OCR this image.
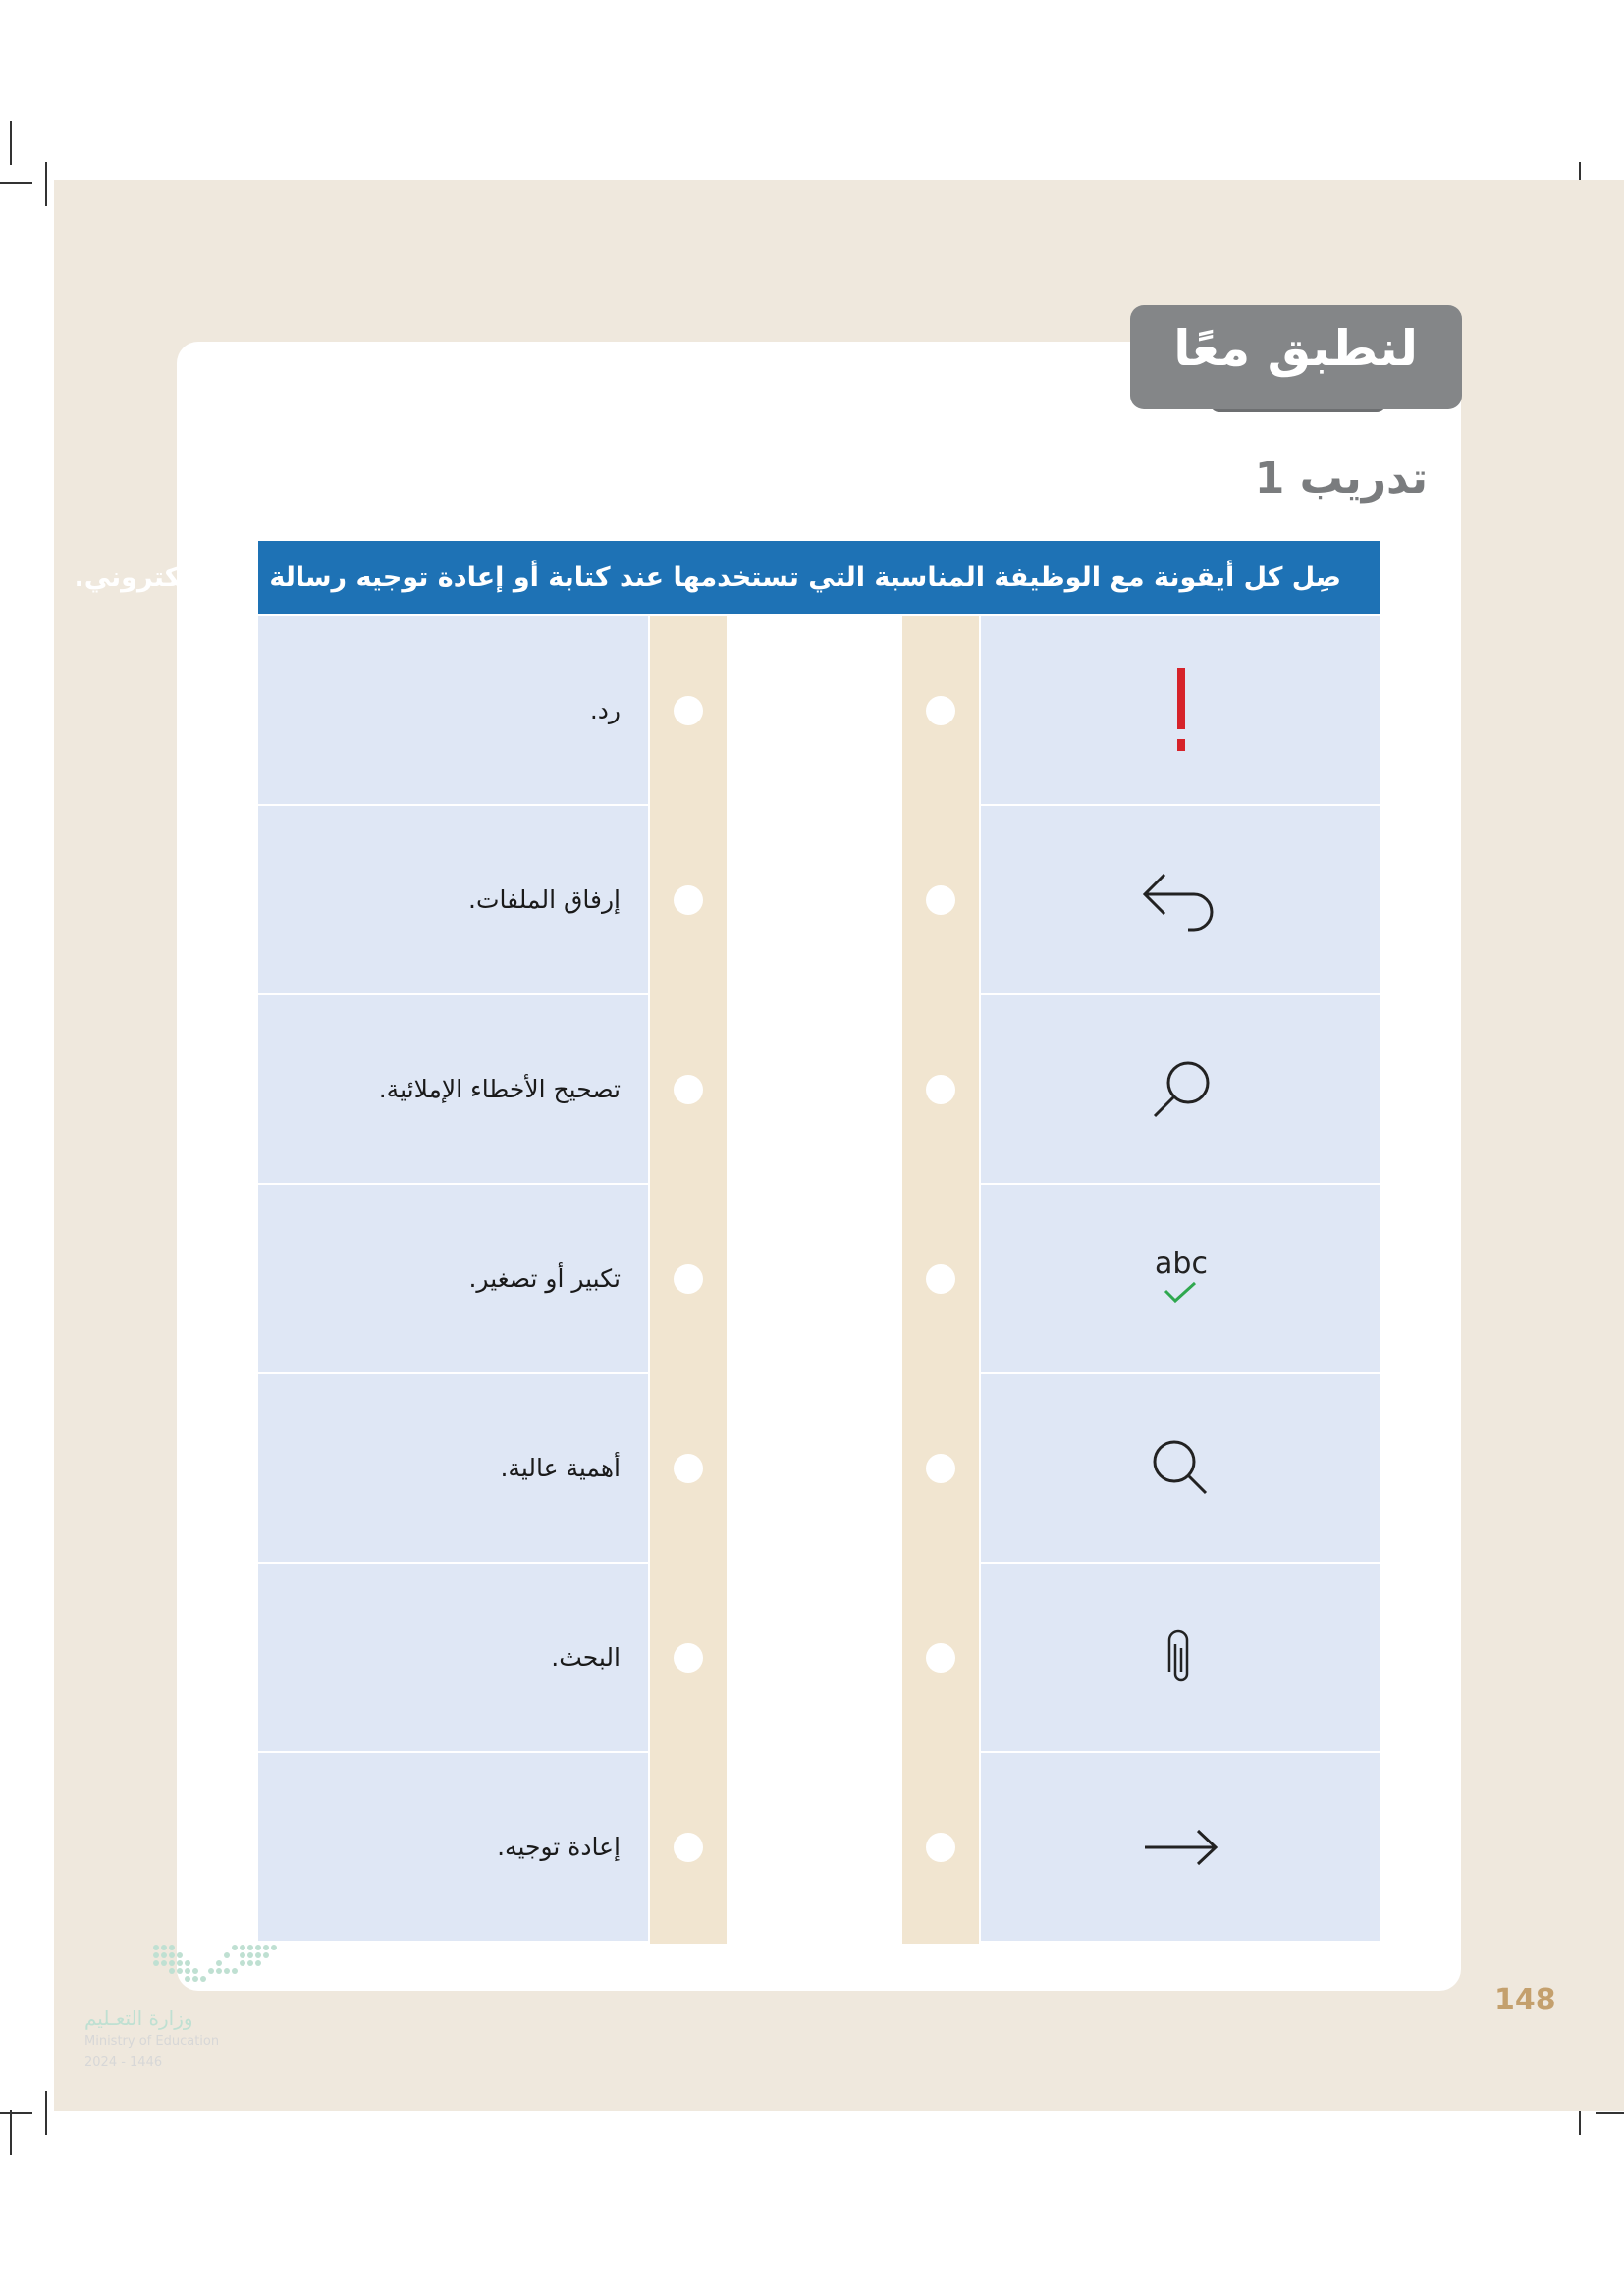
لنطبق معًا
تدريب 1
صِل كل أيقونة مع الوظيفة المناسبة التي تستخدمها عند كتابة أو إعادة توجيه رسالة بريد إلكتروني.
رد.
إرفاق الملفات.
تصحيح الأخطاء الإملائية.
تكبير أو تصغير.
أهمية عالية.
البحث.
إعادة توجيه.
abc
وزارة التعـليم
Ministry of Education
2024 - 1446
148
